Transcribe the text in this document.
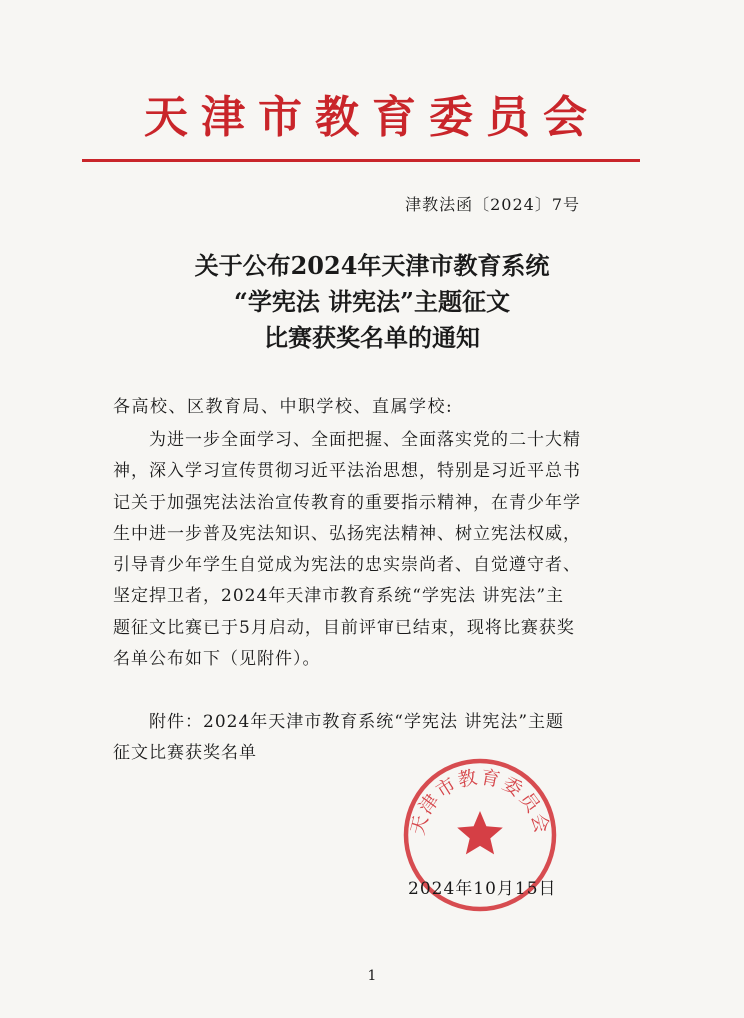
天津市教育委员会
津教法函〔2024〕7号
关于公布2024年天津市教育系统
“学宪法 讲宪法”主题征文
比赛获奖名单的通知
各高校、区教育局、中职学校、直属学校:
为进一步全面学习、全面把握、全面落实党的二十大精
神，深入学习宣传贯彻习近平法治思想，特别是习近平总书
记关于加强宪法法治宣传教育的重要指示精神，在青少年学
生中进一步普及宪法知识、弘扬宪法精神、树立宪法权威，
引导青少年学生自觉成为宪法的忠实崇尚者、自觉遵守者、
坚定捍卫者，2024年天津市教育系统“学宪法 讲宪法”主
题征文比赛已于5月启动，目前评审已结束，现将比赛获奖
名单公布如下（见附件）。
附件：2024年天津市教育系统“学宪法 讲宪法”主题
征文比赛获奖名单
天津市教育委员会
2024年10月15日
1
